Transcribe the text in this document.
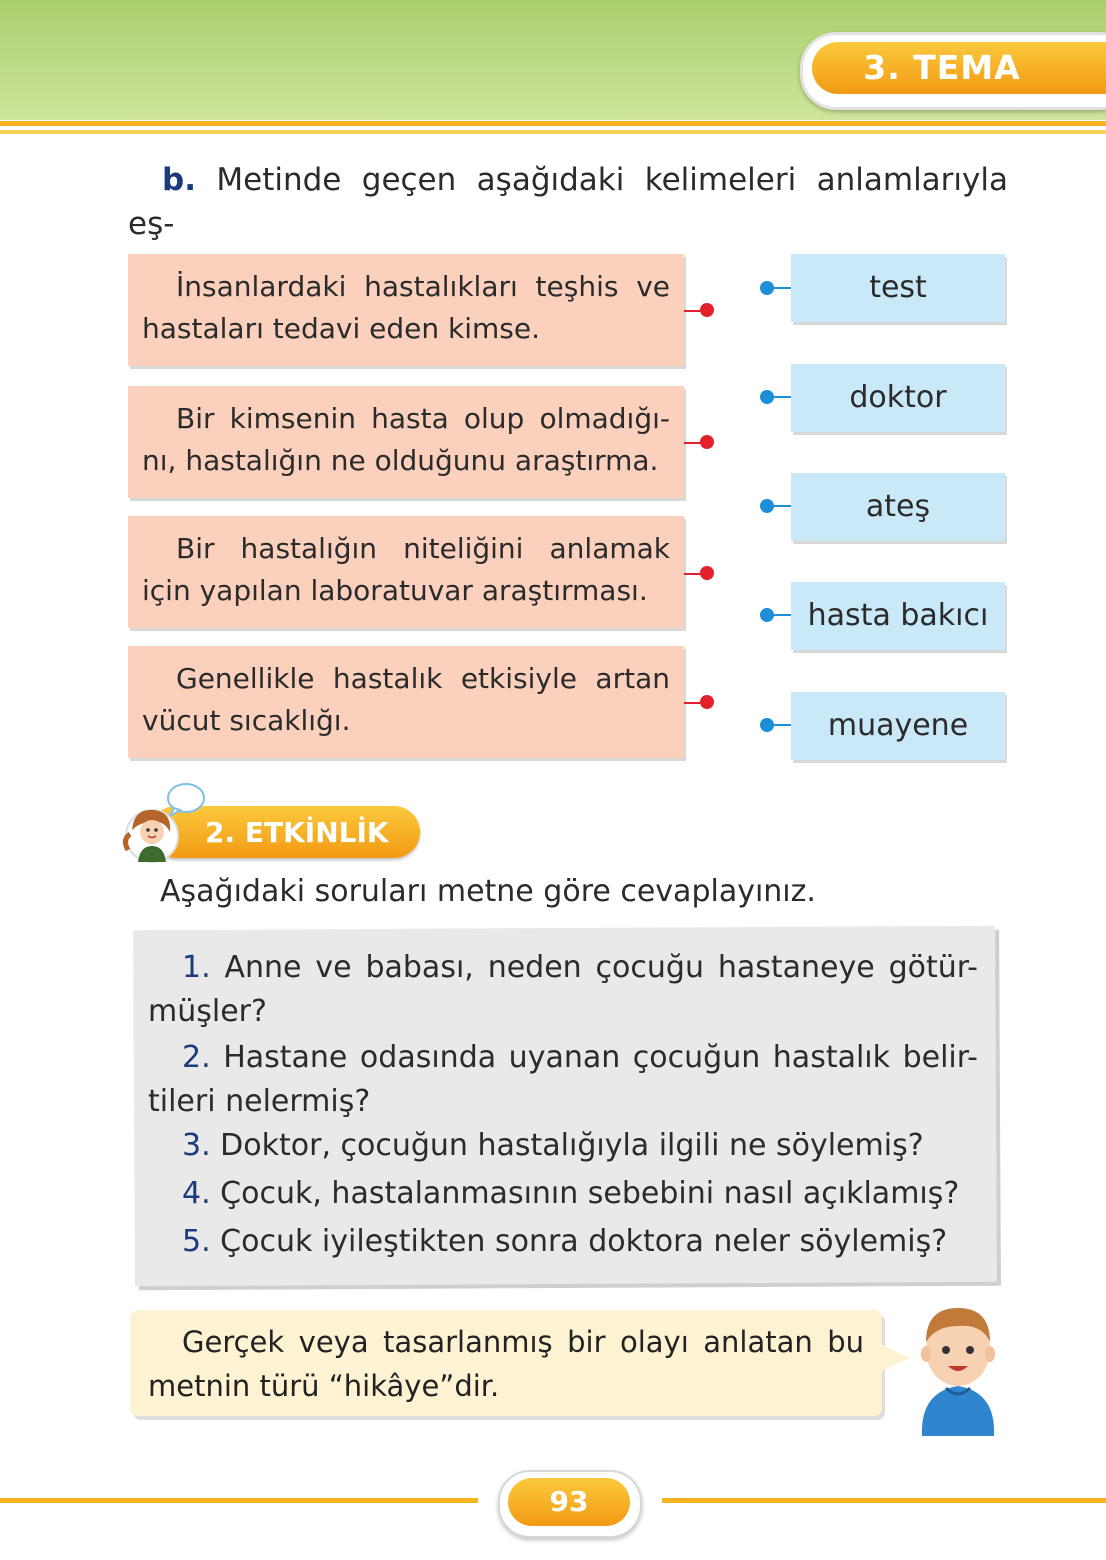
3. TEMA
b. Metinde geçen aşağıdaki kelimeleri anlamlarıyla eş-
İnsanlardaki hastalıkları teşhis ve
hastaları tedavi eden kimse.
Bir kimsenin hasta olup olmadığı-
nı, hastalığın ne olduğunu araştırma.
Bir hastalığın niteliğini anlamak
için yapılan laboratuvar araştırması.
Genellikle hastalık etkisiyle artan
vücut sıcaklığı.
test
doktor
ateş
hasta bakıcı
muayene
2. ETKİNLİK
Aşağıdaki soruları metne göre cevaplayınız.
1. Anne ve babası, neden çocuğu hastaneye götür-
müşler?
2. Hastane odasında uyanan çocuğun hastalık belir-
tileri nelermiş?
3. Doktor, çocuğun hastalığıyla ilgili ne söylemiş?
4. Çocuk, hastalanmasının sebebini nasıl açıklamış?
5. Çocuk iyileştikten sonra doktora neler söylemiş?
Gerçek veya tasarlanmış bir olayı anlatan bu
metnin türü “hikâye”dir.
93
